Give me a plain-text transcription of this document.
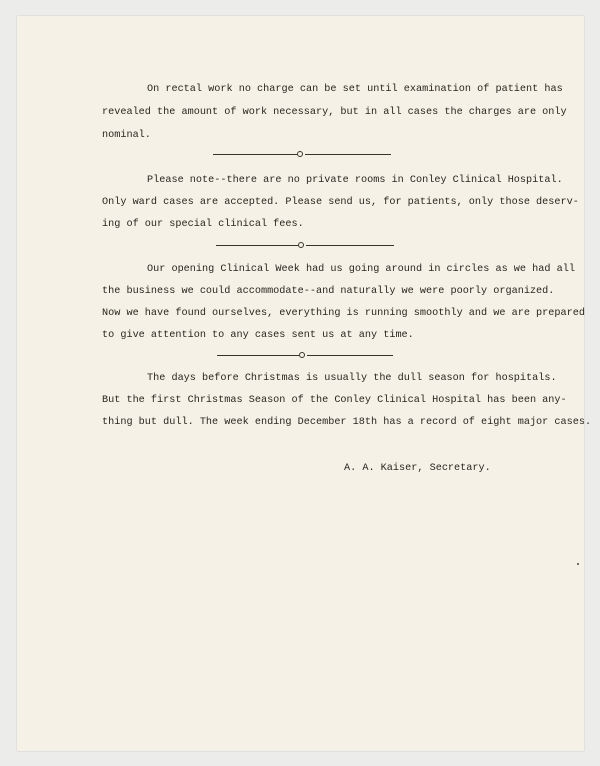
On rectal work no charge can be set until examination of patient has
revealed the amount of work necessary, but in all cases the charges are only
nominal.
Please note--there are no private rooms in Conley Clinical Hospital.
Only ward cases are accepted. Please send us, for patients, only those deserv-
ing of our special clinical fees.
Our opening Clinical Week had us going around in circles as we had all
the business we could accommodate--and naturally we were poorly organized.
Now we have found ourselves, everything is running smoothly and we are prepared
to give attention to any cases sent us at any time.
The days before Christmas is usually the dull season for hospitals.
But the first Christmas Season of the Conley Clinical Hospital has been any-
thing but dull. The week ending December 18th has a record of eight major cases.
A. A. Kaiser, Secretary.
